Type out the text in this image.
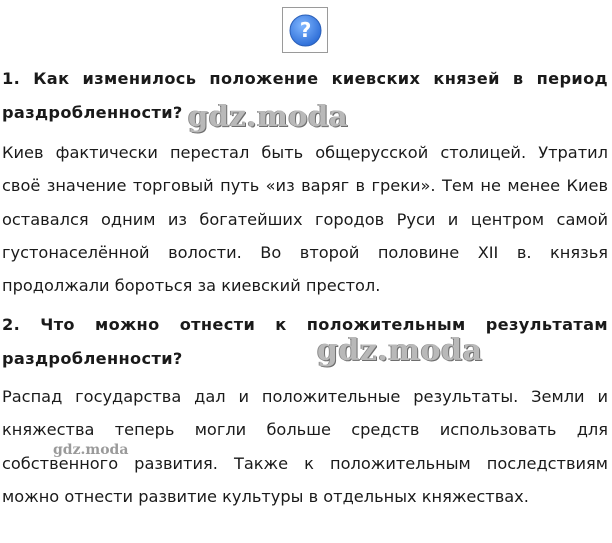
?

1. Как изменилось положение киевских князей в период раздробленности?

Киев фактически перестал быть общерусской столицей. Утратил своё значение торговый путь «из варяг в греки». Тем не менее Киев оставался одним из богатейших городов Руси и центром самой густонаселённой волости. Во второй половине XII в. князья продолжали бороться за киевский престол.

2. Что можно отнести к положительным результатам раздробленности?

Распад государства дал и положительные результаты. Земли и княжества теперь могли больше средств использовать для собственного развития. Также к положительным последствиям можно отнести развитие культуры в отдельных княжествах.

gdz.moda
gdz.moda
gdz.moda
